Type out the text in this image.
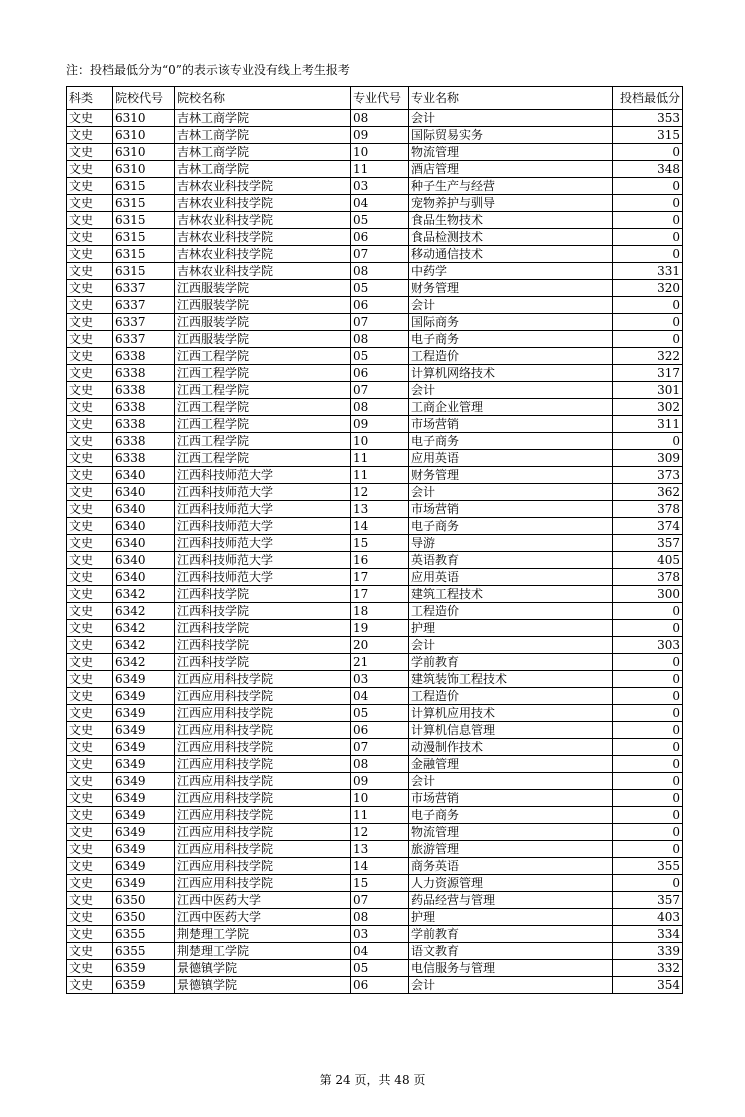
注：投档最低分为“0”的表示该专业没有线上考生报考
科类	院校代号	院校名称	专业代号	专业名称	投档最低分
文史	6310	吉林工商学院	08	会计	353
文史	6310	吉林工商学院	09	国际贸易实务	315
文史	6310	吉林工商学院	10	物流管理	0
文史	6310	吉林工商学院	11	酒店管理	348
文史	6315	吉林农业科技学院	03	种子生产与经营	0
文史	6315	吉林农业科技学院	04	宠物养护与驯导	0
文史	6315	吉林农业科技学院	05	食品生物技术	0
文史	6315	吉林农业科技学院	06	食品检测技术	0
文史	6315	吉林农业科技学院	07	移动通信技术	0
文史	6315	吉林农业科技学院	08	中药学	331
文史	6337	江西服装学院	05	财务管理	320
文史	6337	江西服装学院	06	会计	0
文史	6337	江西服装学院	07	国际商务	0
文史	6337	江西服装学院	08	电子商务	0
文史	6338	江西工程学院	05	工程造价	322
文史	6338	江西工程学院	06	计算机网络技术	317
文史	6338	江西工程学院	07	会计	301
文史	6338	江西工程学院	08	工商企业管理	302
文史	6338	江西工程学院	09	市场营销	311
文史	6338	江西工程学院	10	电子商务	0
文史	6338	江西工程学院	11	应用英语	309
文史	6340	江西科技师范大学	11	财务管理	373
文史	6340	江西科技师范大学	12	会计	362
文史	6340	江西科技师范大学	13	市场营销	378
文史	6340	江西科技师范大学	14	电子商务	374
文史	6340	江西科技师范大学	15	导游	357
文史	6340	江西科技师范大学	16	英语教育	405
文史	6340	江西科技师范大学	17	应用英语	378
文史	6342	江西科技学院	17	建筑工程技术	300
文史	6342	江西科技学院	18	工程造价	0
文史	6342	江西科技学院	19	护理	0
文史	6342	江西科技学院	20	会计	303
文史	6342	江西科技学院	21	学前教育	0
文史	6349	江西应用科技学院	03	建筑装饰工程技术	0
文史	6349	江西应用科技学院	04	工程造价	0
文史	6349	江西应用科技学院	05	计算机应用技术	0
文史	6349	江西应用科技学院	06	计算机信息管理	0
文史	6349	江西应用科技学院	07	动漫制作技术	0
文史	6349	江西应用科技学院	08	金融管理	0
文史	6349	江西应用科技学院	09	会计	0
文史	6349	江西应用科技学院	10	市场营销	0
文史	6349	江西应用科技学院	11	电子商务	0
文史	6349	江西应用科技学院	12	物流管理	0
文史	6349	江西应用科技学院	13	旅游管理	0
文史	6349	江西应用科技学院	14	商务英语	355
文史	6349	江西应用科技学院	15	人力资源管理	0
文史	6350	江西中医药大学	07	药品经营与管理	357
文史	6350	江西中医药大学	08	护理	403
文史	6355	荆楚理工学院	03	学前教育	334
文史	6355	荆楚理工学院	04	语文教育	339
文史	6359	景德镇学院	05	电信服务与管理	332
文史	6359	景德镇学院	06	会计	354
第 24 页，共 48 页
